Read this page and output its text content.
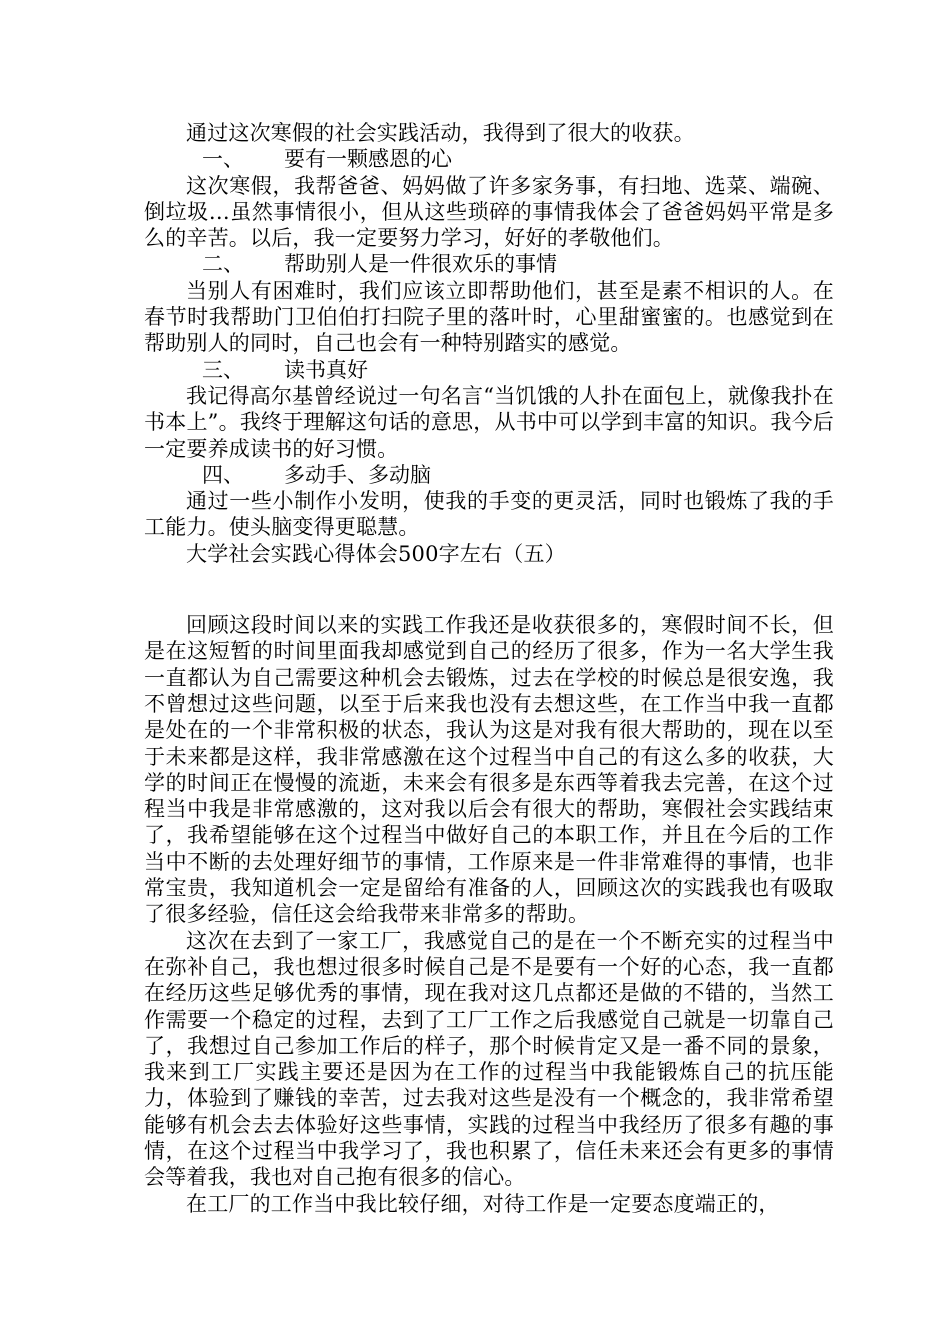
通过这次寒假的社会实践活动，我得到了很大的收获。

一、	要有一颗感恩的心

这次寒假，我帮爸爸、妈妈做了许多家务事，有扫地、选菜、端碗、倒垃圾…虽然事情很小，但从这些琐碎的事情我体会了爸爸妈妈平常是多么的辛苦。以后，我一定要努力学习，好好的孝敬他们。

二、	帮助别人是一件很欢乐的事情

当别人有困难时，我们应该立即帮助他们，甚至是素不相识的人。在春节时我帮助门卫伯伯打扫院子里的落叶时，心里甜蜜蜜的。也感觉到在帮助别人的同时，自己也会有一种特别踏实的感觉。

三、	读书真好

我记得高尔基曾经说过一句名言“当饥饿的人扑在面包上，就像我扑在书本上”。我终于理解这句话的意思，从书中可以学到丰富的知识。我今后一定要养成读书的好习惯。

四、	多动手、多动脑

通过一些小制作小发明，使我的手变的更灵活，同时也锻炼了我的手工能力。使头脑变得更聪慧。

大学社会实践心得体会500字左右（五）

回顾这段时间以来的实践工作我还是收获很多的，寒假时间不长，但是在这短暂的时间里面我却感觉到自己的经历了很多，作为一名大学生我一直都认为自己需要这种机会去锻炼，过去在学校的时候总是很安逸，我不曾想过这些问题，以至于后来我也没有去想这些，在工作当中我一直都是处在的一个非常积极的状态，我认为这是对我有很大帮助的，现在以至于未来都是这样，我非常感激在这个过程当中自己的有这么多的收获，大学的时间正在慢慢的流逝，未来会有很多是东西等着我去完善，在这个过程当中我是非常感激的，这对我以后会有很大的帮助，寒假社会实践结束了，我希望能够在这个过程当中做好自己的本职工作，并且在今后的工作当中不断的去处理好细节的事情，工作原来是一件非常难得的事情，也非常宝贵，我知道机会一定是留给有准备的人，回顾这次的实践我也有吸取了很多经验，信任这会给我带来非常多的帮助。

这次在去到了一家工厂，我感觉自己的是在一个不断充实的过程当中在弥补自己，我也想过很多时候自己是不是要有一个好的心态，我一直都在经历这些足够优秀的事情，现在我对这几点都还是做的不错的，当然工作需要一个稳定的过程，去到了工厂工作之后我感觉自己就是一切靠自己了，我想过自己参加工作后的样子，那个时候肯定又是一番不同的景象，我来到工厂实践主要还是因为在工作的过程当中我能锻炼自己的抗压能力，体验到了赚钱的幸苦，过去我对这些是没有一个概念的，我非常希望能够有机会去去体验好这些事情，实践的过程当中我经历了很多有趣的事情，在这个过程当中我学习了，我也积累了，信任未来还会有更多的事情会等着我，我也对自己抱有很多的信心。

在工厂的工作当中我比较仔细，对待工作是一定要态度端正的，
